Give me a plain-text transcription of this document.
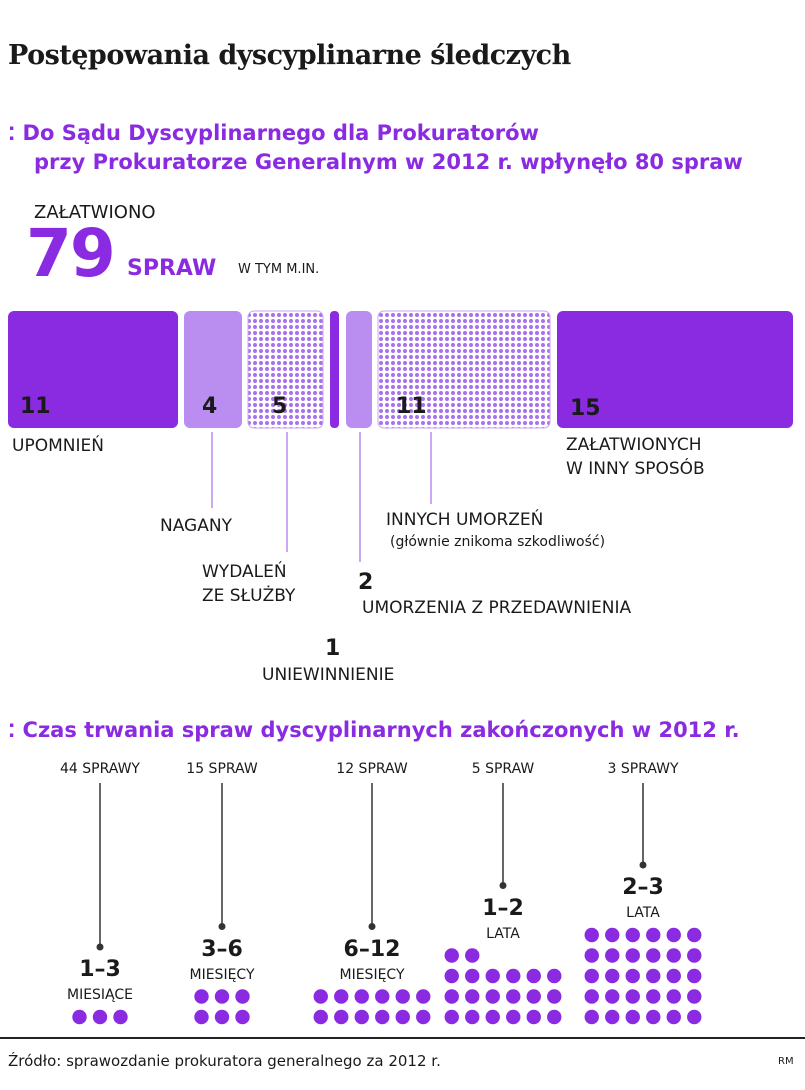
Postępowania dyscyplinarne śledczych
⁚ Do Sądu Dyscyplinarnego dla Prokuratorów
przy Prokuratorze Generalnym w 2012 r. wpłynęło 80 spraw
ZAŁATWIONO
79 SPRAW W TYM M.IN.
11
UPOMNIEŃ
4
NAGANY
5
WYDALEŃ
ZE SŁUŻBY
1
UNIEWINNIENIE
2
UMORZENIA Z PRZEDAWNIENIA
11
INNYCH UMORZEŃ
(głównie znikoma szkodliwość)
15
ZAŁATWIONYCH
W INNY SPOSÓB
⁚ Czas trwania spraw dyscyplinarnych zakończonych w 2012 r.
44 SPRAWY
1–3
MIESIĄCE
15 SPRAW
3–6
MIESIĘCY
12 SPRAW
6–12
MIESIĘCY
5 SPRAW
1–2
LATA
3 SPRAWY
2–3
LATA
Źródło: sprawozdanie prokuratora generalnego za 2012 r.	RM
